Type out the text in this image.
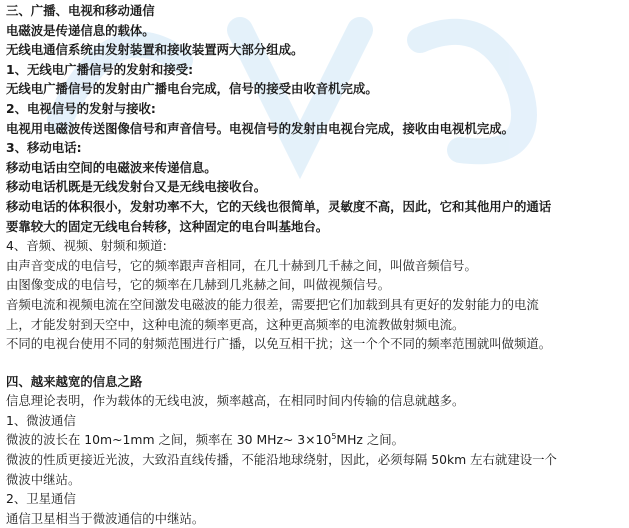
三、广播、电视和移动通信
电磁波是传递信息的载体。
无线电通信系统由发射装置和接收装置两大部分组成。
1、无线电广播信号的发射和接受:
无线电广播信号的发射由广播电台完成，信号的接受由收音机完成。
2、电视信号的发射与接收:
电视用电磁波传送图像信号和声音信号。电视信号的发射由电视台完成，接收由电视机完成。
3、移动电话:
移动电话由空间的电磁波来传递信息。
移动电话机既是无线发射台又是无线电接收台。
移动电话的体积很小，发射功率不大，它的天线也很简单，灵敏度不高，因此，它和其他用户的通话
要靠较大的固定无线电台转移，这种固定的电台叫基地台。
4、音频、视频、射频和频道:
由声音变成的电信号，它的频率跟声音相同，在几十赫到几千赫之间，叫做音频信号。
由图像变成的电信号，它的频率在几赫到几兆赫之间，叫做视频信号。
音频电流和视频电流在空间激发电磁波的能力很差，需要把它们加载到具有更好的发射能力的电流
上，才能发射到天空中，这种电流的频率更高，这种更高频率的电流教做射频电流。
不同的电视台使用不同的射频范围进行广播，以免互相干扰；这一个个不同的频率范围就叫做频道。
四、越来越宽的信息之路
信息理论表明，作为载体的无线电波，频率越高，在相同时间内传输的信息就越多。
1、微波通信
微波的波长在 10m~1mm 之间，频率在 30 MHz~ $3\times 10^5MHz$ 之间。
微波的性质更接近光波，大致沿直线传播，不能沿地球绕射，因此，必须每隔 50km 左右就建设一个
微波中继站。
2、卫星通信
通信卫星相当于微波通信的中继站。
